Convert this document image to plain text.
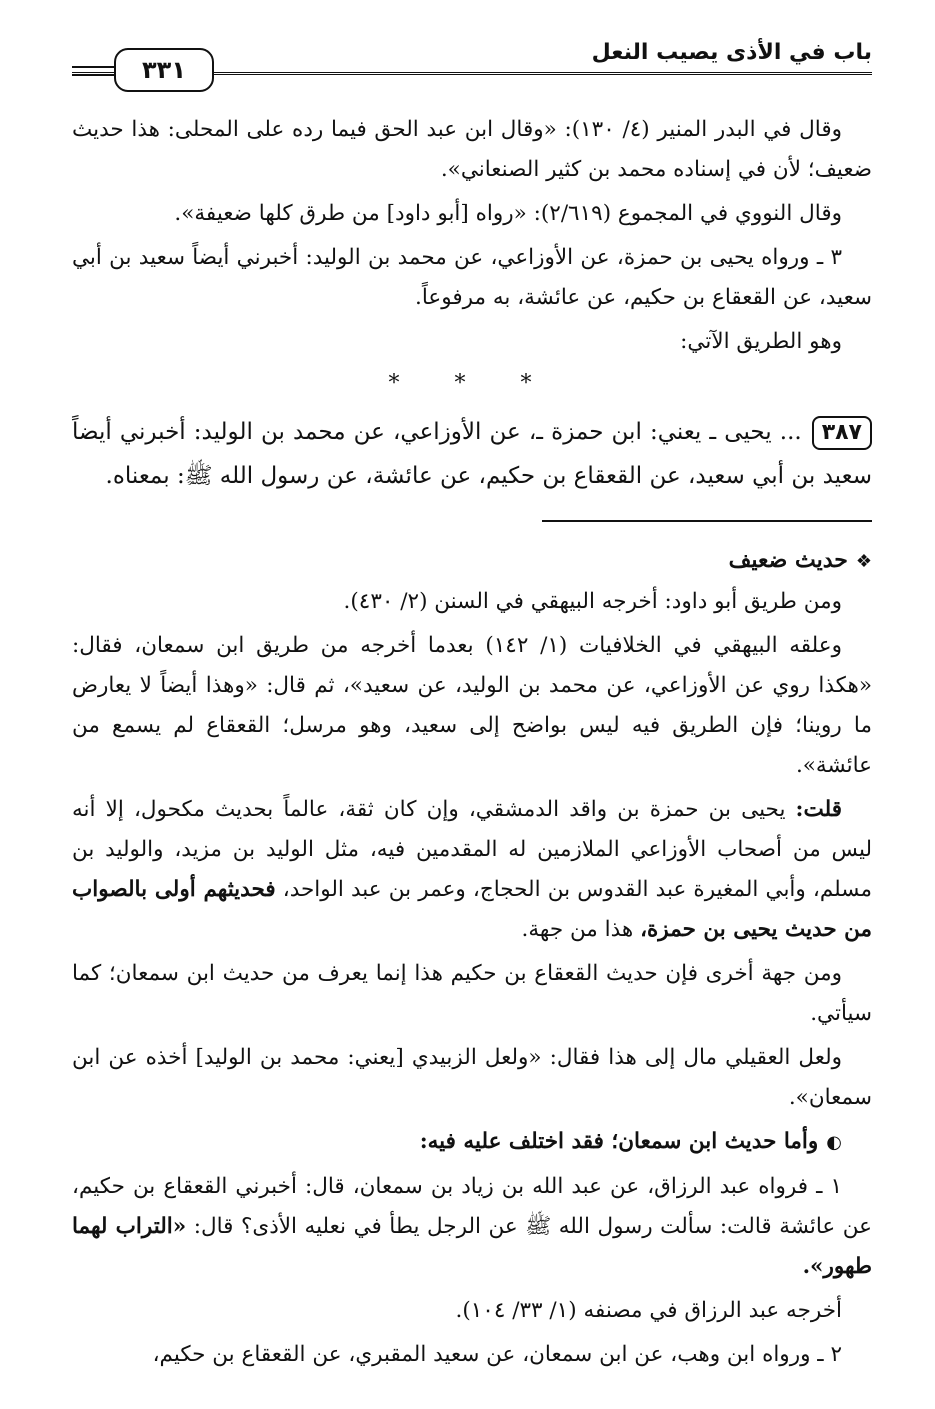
باب في الأذى يصيب النعل
٣٣١

وقال في البدر المنير (٤/ ١٣٠): «وقال ابن عبد الحق فيما رده على المحلى: هذا حديث ضعيف؛ لأن في إسناده محمد بن كثير الصنعاني».

وقال النووي في المجموع (٢/٦١٩): «رواه [أبو داود] من طرق كلها ضعيفة».

٣ ـ ورواه يحيى بن حمزة، عن الأوزاعي، عن محمد بن الوليد: أخبرني أيضاً سعيد بن أبي سعيد، عن القعقاع بن حكيم، عن عائشة، به مرفوعاً.

وهو الطريق الآتي:

* * *

٣٨٧... يحيى ـ يعني: ابن حمزة ـ، عن الأوزاعي، عن محمد بن الوليد: أخبرني أيضاً سعيد بن أبي سعيد، عن القعقاع بن حكيم، عن عائشة، عن رسول الله ﷺ: بمعناه.

❖حديث ضعيف

ومن طريق أبو داود: أخرجه البيهقي في السنن (٢/ ٤٣٠).

وعلقه البيهقي في الخلافيات (١/ ١٤٢) بعدما أخرجه من طريق ابن سمعان، فقال: «هكذا روي عن الأوزاعي، عن محمد بن الوليد، عن سعيد»، ثم قال: «وهذا أيضاً لا يعارض ما روينا؛ فإن الطريق فيه ليس بواضح إلى سعيد، وهو مرسل؛ القعقاع لم يسمع من عائشة».

قلت: يحيى بن حمزة بن واقد الدمشقي، وإن كان ثقة، عالماً بحديث مكحول، إلا أنه ليس من أصحاب الأوزاعي الملازمين له المقدمين فيه، مثل الوليد بن مزيد، والوليد بن مسلم، وأبي المغيرة عبد القدوس بن الحجاج، وعمر بن عبد الواحد، فحديثهم أولى بالصواب من حديث يحيى بن حمزة، هذا من جهة.

ومن جهة أخرى فإن حديث القعقاع بن حكيم هذا إنما يعرف من حديث ابن سمعان؛ كما سيأتي.

ولعل العقيلي مال إلى هذا فقال: «ولعل الزبيدي [يعني: محمد بن الوليد] أخذه عن ابن سمعان».

◐وأما حديث ابن سمعان؛ فقد اختلف عليه فيه:

١ ـ فرواه عبد الرزاق، عن عبد الله بن زياد بن سمعان، قال: أخبرني القعقاع بن حكيم، عن عائشة قالت: سألت رسول الله ﷺ عن الرجل يطأ في نعليه الأذى؟ قال: «التراب لهما طهور».

أخرجه عبد الرزاق في مصنفه (١/ ٣٣/ ١٠٤).

٢ ـ ورواه ابن وهب، عن ابن سمعان، عن سعيد المقبري، عن القعقاع بن حكيم،
